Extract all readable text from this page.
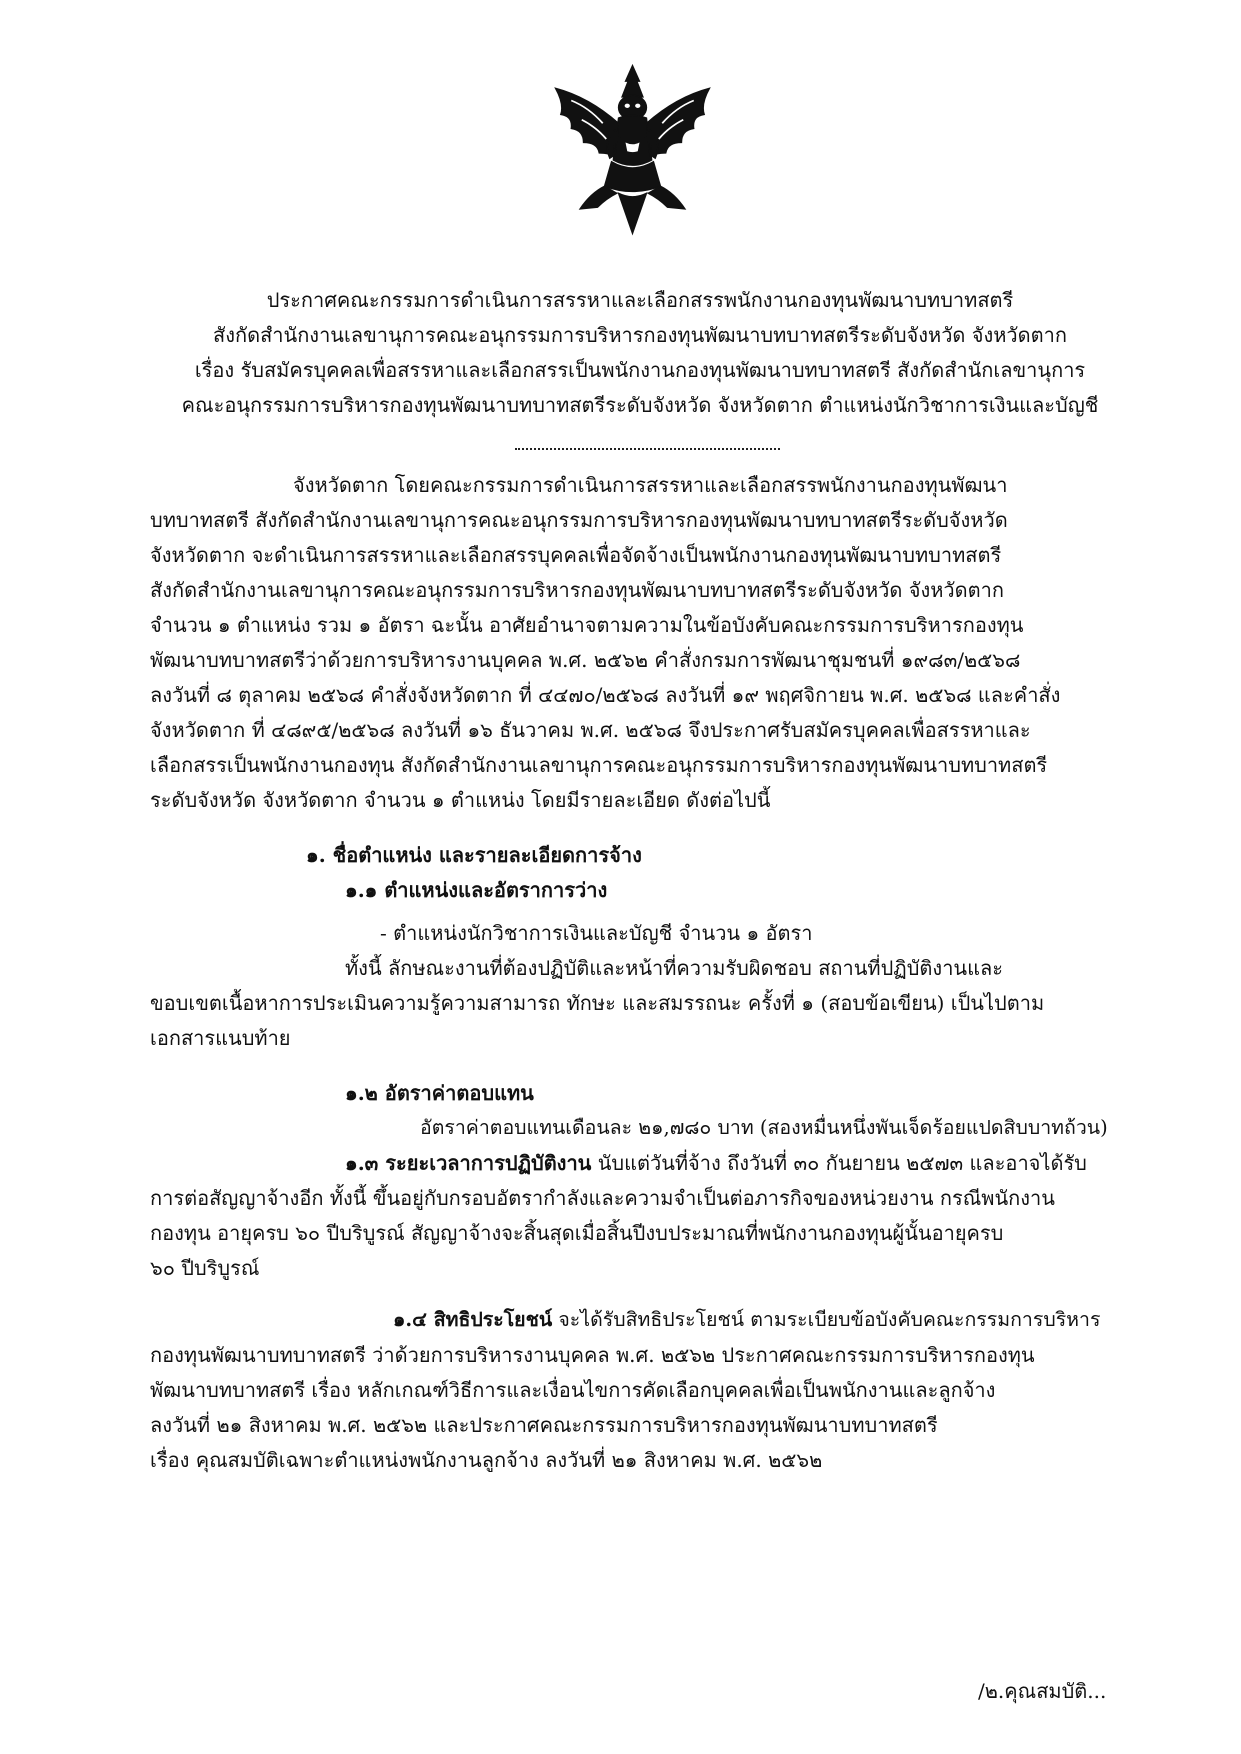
ประกาศคณะกรรมการดำเนินการสรรหาและเลือกสรรพนักงานกองทุนพัฒนาบทบาทสตรี
สังกัดสำนักงานเลขานุการคณะอนุกรรมการบริหารกองทุนพัฒนาบทบาทสตรีระดับจังหวัด จังหวัดตาก
เรื่อง รับสมัครบุคคลเพื่อสรรหาและเลือกสรรเป็นพนักงานกองทุนพัฒนาบทบาทสตรี สังกัดสำนักเลขานุการ
คณะอนุกรรมการบริหารกองทุนพัฒนาบทบาทสตรีระดับจังหวัด จังหวัดตาก ตำแหน่งนักวิชาการเงินและบัญชี
จังหวัดตาก โดยคณะกรรมการดำเนินการสรรหาและเลือกสรรพนักงานกองทุนพัฒนา
บทบาทสตรี สังกัดสำนักงานเลขานุการคณะอนุกรรมการบริหารกองทุนพัฒนาบทบาทสตรีระดับจังหวัด
จังหวัดตาก จะดำเนินการสรรหาและเลือกสรรบุคคลเพื่อจัดจ้างเป็นพนักงานกองทุนพัฒนาบทบาทสตรี
สังกัดสำนักงานเลขานุการคณะอนุกรรมการบริหารกองทุนพัฒนาบทบาทสตรีระดับจังหวัด จังหวัดตาก
จำนวน ๑ ตำแหน่ง รวม ๑ อัตรา ฉะนั้น อาศัยอำนาจตามความในข้อบังคับคณะกรรมการบริหารกองทุน
พัฒนาบทบาทสตรีว่าด้วยการบริหารงานบุคคล พ.ศ. ๒๕๖๒ คำสั่งกรมการพัฒนาชุมชนที่ ๑๙๘๓/๒๕๖๘
ลงวันที่ ๘ ตุลาคม ๒๕๖๘ คำสั่งจังหวัดตาก ที่ ๔๔๗๐/๒๕๖๘ ลงวันที่ ๑๙ พฤศจิกายน พ.ศ. ๒๕๖๘ และคำสั่ง
จังหวัดตาก ที่ ๔๘๙๕/๒๕๖๘ ลงวันที่ ๑๖ ธันวาคม พ.ศ. ๒๕๖๘ จึงประกาศรับสมัครบุคคลเพื่อสรรหาและ
เลือกสรรเป็นพนักงานกองทุน สังกัดสำนักงานเลขานุการคณะอนุกรรมการบริหารกองทุนพัฒนาบทบาทสตรี
ระดับจังหวัด จังหวัดตาก จำนวน ๑ ตำแหน่ง โดยมีรายละเอียด ดังต่อไปนี้
๑. ชื่อตำแหน่ง และรายละเอียดการจ้าง
๑.๑ ตำแหน่งและอัตราการว่าง
- ตำแหน่งนักวิชาการเงินและบัญชี จำนวน ๑ อัตรา
ทั้งนี้ ลักษณะงานที่ต้องปฏิบัติและหน้าที่ความรับผิดชอบ สถานที่ปฏิบัติงานและ
ขอบเขตเนื้อหาการประเมินความรู้ความสามารถ ทักษะ และสมรรถนะ ครั้งที่ ๑ (สอบข้อเขียน) เป็นไปตาม
เอกสารแนบท้าย
๑.๒ อัตราค่าตอบแทน
อัตราค่าตอบแทนเดือนละ ๒๑,๗๘๐ บาท (สองหมื่นหนึ่งพันเจ็ดร้อยแปดสิบบาทถ้วน)
๑.๓ ระยะเวลาการปฏิบัติงาน นับแต่วันที่จ้าง ถึงวันที่ ๓๐ กันยายน ๒๕๗๓ และอาจได้รับ
การต่อสัญญาจ้างอีก ทั้งนี้ ขึ้นอยู่กับกรอบอัตรากำลังและความจำเป็นต่อภารกิจของหน่วยงาน กรณีพนักงาน
กองทุน อายุครบ ๖๐ ปีบริบูรณ์ สัญญาจ้างจะสิ้นสุดเมื่อสิ้นปีงบประมาณที่พนักงานกองทุนผู้นั้นอายุครบ
๖๐ ปีบริบูรณ์
๑.๔ สิทธิประโยชน์ จะได้รับสิทธิประโยชน์ ตามระเบียบข้อบังคับคณะกรรมการบริหาร
กองทุนพัฒนาบทบาทสตรี ว่าด้วยการบริหารงานบุคคล พ.ศ. ๒๕๖๒ ประกาศคณะกรรมการบริหารกองทุน
พัฒนาบทบาทสตรี เรื่อง หลักเกณฑ์วิธีการและเงื่อนไขการคัดเลือกบุคคลเพื่อเป็นพนักงานและลูกจ้าง
ลงวันที่ ๒๑ สิงหาคม พ.ศ. ๒๕๖๒ และประกาศคณะกรรมการบริหารกองทุนพัฒนาบทบาทสตรี
เรื่อง คุณสมบัติเฉพาะตำแหน่งพนักงานลูกจ้าง ลงวันที่ ๒๑ สิงหาคม พ.ศ. ๒๕๖๒
/๒.คุณสมบัติ...
